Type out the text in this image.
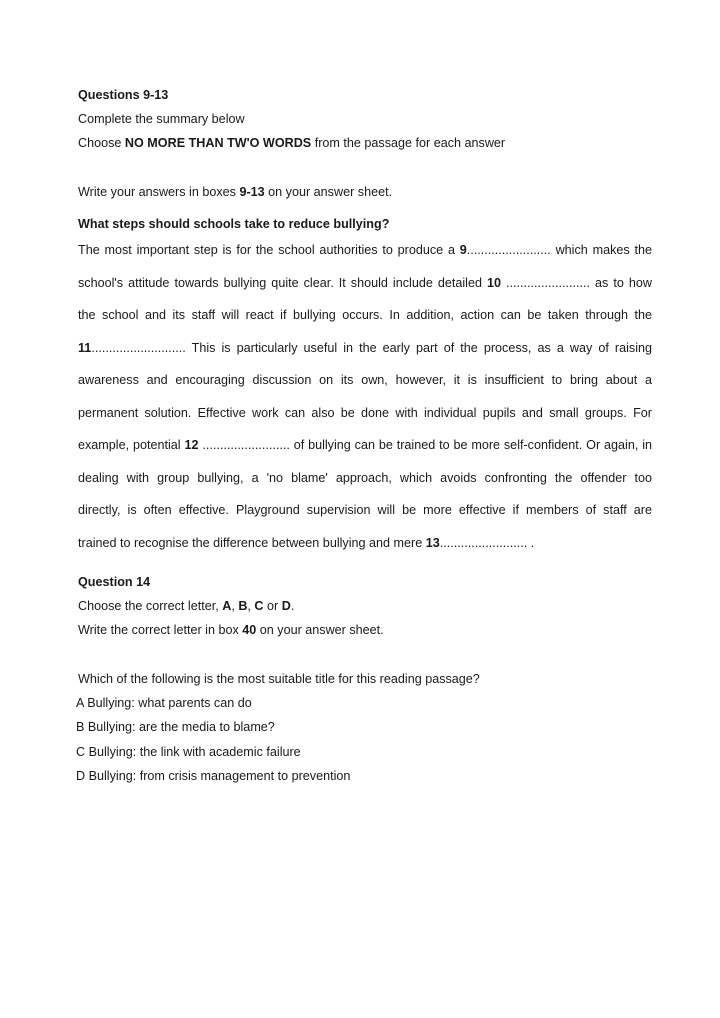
Questions 9-13
Complete the summary below
Choose NO MORE THAN TW'O WORDS from the passage for each answer
Write your answers in boxes 9-13 on your answer sheet.
What steps should schools take to reduce bullying?
The most important step is for the school authorities to produce a 9........................ which makes the
school's attitude towards bullying quite clear. It should include detailed 10 ........................ as to how
the school and its staff will react if bullying occurs. In addition, action can be taken through the
11........................... This is particularly useful in the early part of the process, as a way of raising
awareness and encouraging discussion on its own, however, it is insufficient to bring about a
permanent solution. Effective work can also be done with individual pupils and small groups. For
example, potential 12 ......................... of bullying can be trained to be more self-confident. Or again, in
dealing with group bullying, a 'no blame' approach, which avoids confronting the offender too
directly, is often effective. Playground supervision will be more effective if members of staff are
trained to recognise the difference between bullying and mere 13......................... .
Question 14
Choose the correct letter, A, B, C or D.
Write the correct letter in box 40 on your answer sheet.
Which of the following is the most suitable title for this reading passage?
A Bullying: what parents can do
B Bullying: are the media to blame?
C Bullying: the link with academic failure
D Bullying: from crisis management to prevention
